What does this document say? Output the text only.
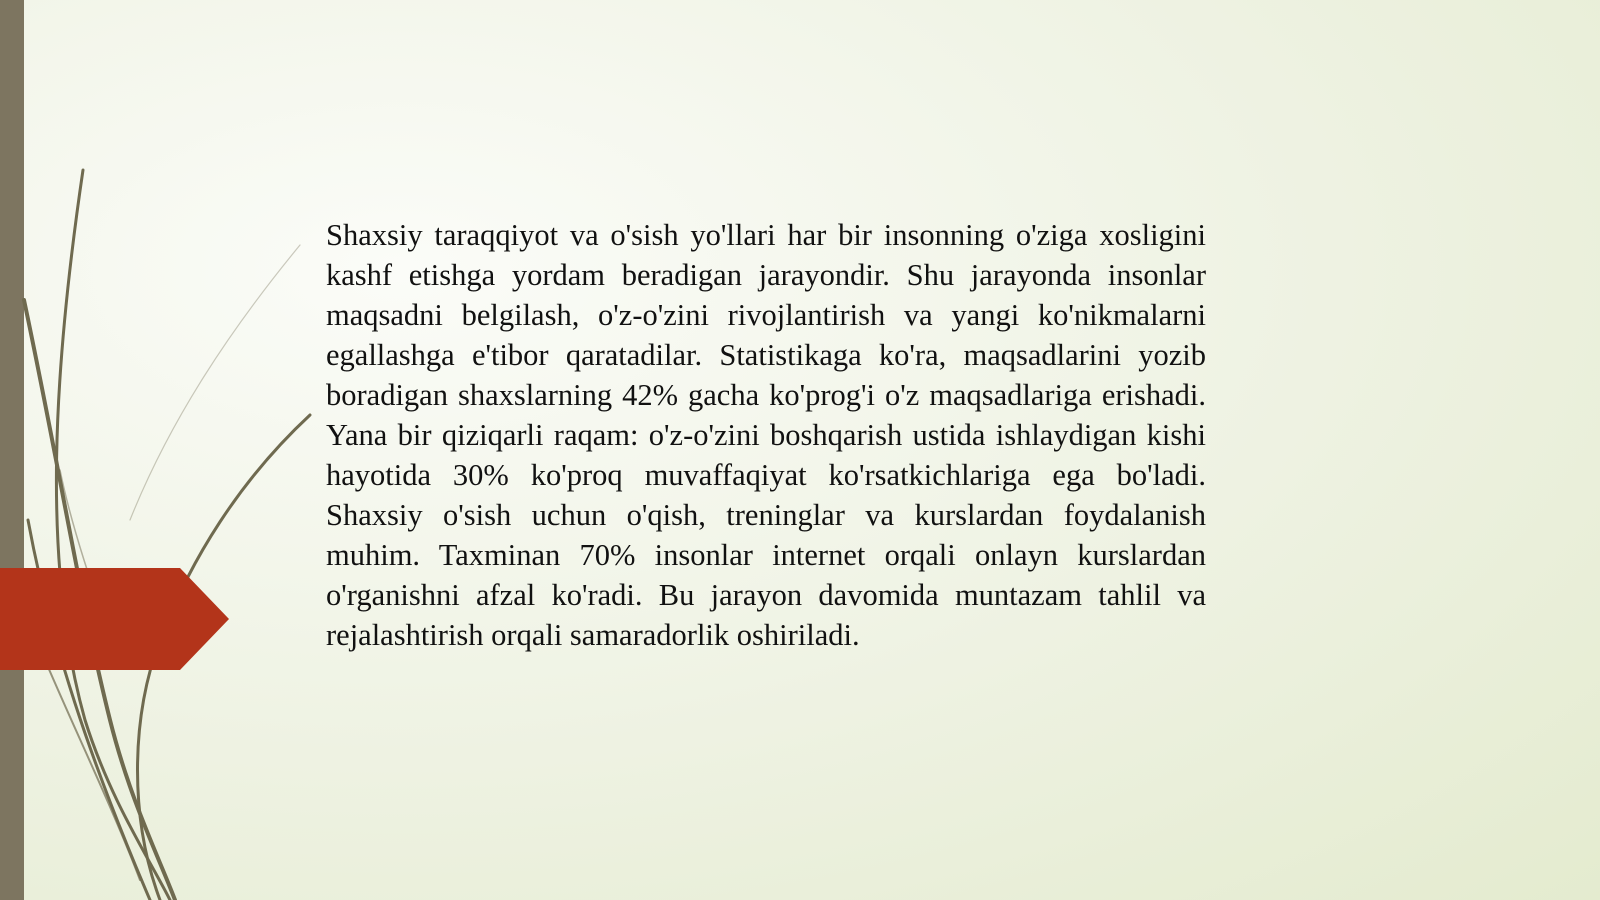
Shaxsiy taraqqiyot va o'sish yo'llari har bir insonning o'ziga xosligini kashf etishga yordam beradigan jarayondir. Shu jarayonda insonlar maqsadni belgilash, o'z-o'zini rivojlantirish va yangi ko'nikmalarni egallashga e'tibor qaratadilar. Statistikaga ko'ra, maqsadlarini yozib boradigan shaxslarning 42% gacha ko'prog'i o'z maqsadlariga erishadi. Yana bir qiziqarli raqam: o'z-o'zini boshqarish ustida ishlaydigan kishi hayotida 30% ko'proq muvaffaqiyat ko'rsatkichlariga ega bo'ladi. Shaxsiy o'sish uchun o'qish, treninglar va kurslardan foydalanish muhim. Taxminan 70% insonlar internet orqali onlayn kurslardan o'rganishni afzal ko'radi. Bu jarayon davomida muntazam tahlil va rejalashtirish orqali samaradorlik oshiriladi.
